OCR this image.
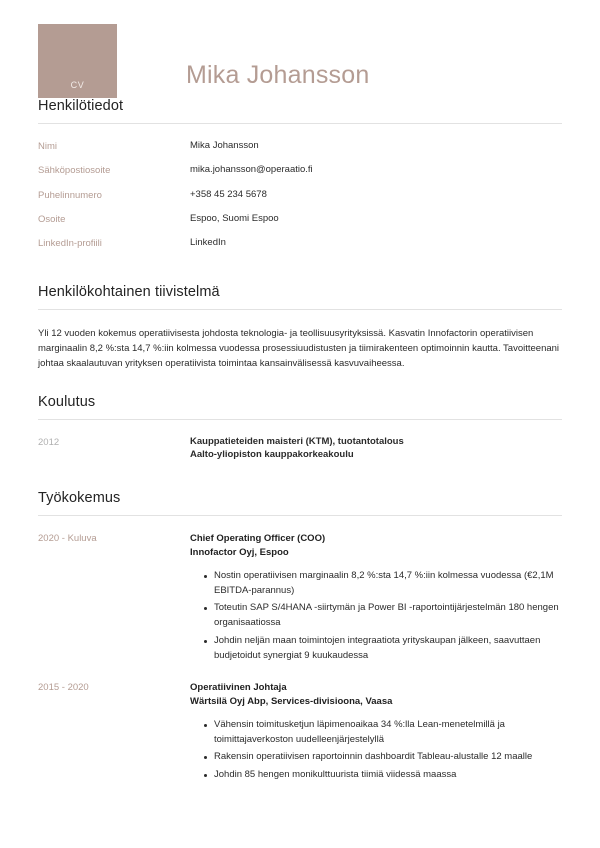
CV	Mika Johansson
Henkilötiedot
Nimi	Mika Johansson
Sähköpostiosoite	mika.johansson@operaatio.fi
Puhelinnumero	+358 45 234 5678
Osoite	Espoo, Suomi Espoo
LinkedIn-profiili	LinkedIn
Henkilökohtainen tiivistelmä

Yli 12 vuoden kokemus operatiivisesta johdosta teknologia- ja teollisuusyrityksissä. Kasvatin Innofactorin operatiivisen marginaalin 8,2 %:sta 14,7 %:iin kolmessa vuodessa prosessiuudistusten ja tiimirakenteen optimoinnin kautta. Tavoitteenani johtaa skaalautuvan yrityksen operatiivista toimintaa kansainvälisessä kasvuvaiheessa.

Koulutus
2012	Kauppatieteiden maisteri (KTM), tuotantotalous
Aalto-yliopiston kauppakorkeakoulu
Työkokemus
2020 - Kuluva	Chief Operating Officer (COO)
Innofactor Oyj, Espoo
Nostin operatiivisen marginaalin 8,2 %:sta 14,7 %:iin kolmessa vuodessa (€2,1M EBITDA-parannus)
Toteutin SAP S/4HANA -siirtymän ja Power BI -raportointijärjestelmän 180 hengen organisaatiossa
Johdin neljän maan toimintojen integraatiota yrityskaupan jälkeen, saavuttaen budjetoidut synergiat 9 kuukaudessa
2015 - 2020	Operatiivinen Johtaja
Wärtsilä Oyj Abp, Services-divisioona, Vaasa
Vähensin toimitusketjun läpimenoaikaa 34 %:lla Lean-menetelmillä ja toimittajaverkoston uudelleenjärjestelyllä
Rakensin operatiivisen raportoinnin dashboardit Tableau-alustalle 12 maalle
Johdin 85 hengen monikulttuurista tiimiä viidessä maassa
